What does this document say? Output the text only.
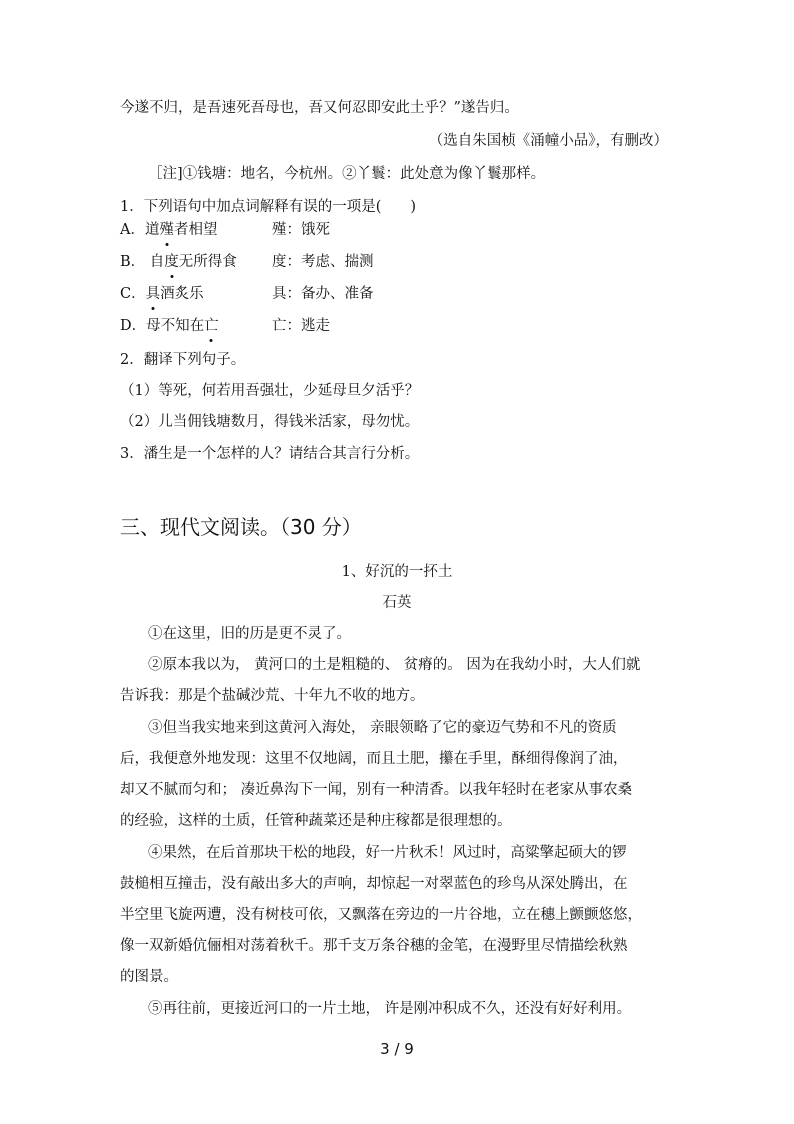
今遂不归，是吾速死吾母也，吾又何忍即安此土乎？”遂告归。
（选自朱国桢《涌幢小品》，有删改）
［注]①钱塘：地名，今杭州。②丫鬟：此处意为像丫鬟那样。
1．下列语句中加点词解释有误的一项是(　　)
A．道殣者相望	殣：饿死
B． 自度无所得食	度：考虑、揣测
C．具酒炙乐	具：备办、准备
D．母不知在亡	亡：逃走
2．翻译下列句子。
（1）等死，何若用吾强壮，少延母旦夕活乎？
（2）儿当佣钱塘数月，得钱米活家，母勿忧。
3．潘生是一个怎样的人？请结合其言行分析。
三、现代文阅读。（30 分）
1、好沉的一抔土
石英
①在这里，旧的历是更不灵了。
②原本我以为， 黄河口的土是粗糙的、 贫瘠的。 因为在我幼小时，大人们就
告诉我：那是个盐碱沙荒、十年九不收的地方。
③但当我实地来到这黄河入海处， 亲眼领略了它的豪迈气势和不凡的资质
后，我便意外地发现：这里不仅地阔，而且土肥，攥在手里，酥细得像润了油，
却又不腻而匀和； 凑近鼻沟下一闻，别有一种清香。以我年轻时在老家从事农桑
的经验，这样的土质，任管种蔬菜还是种庄稼都是很理想的。
④果然，在后首那块干松的地段，好一片秋禾！风过时，高粱擎起硕大的锣
鼓槌相互撞击，没有敲出多大的声响，却惊起一对翠蓝色的珍鸟从深处腾出，在
半空里飞旋两遭，没有树枝可依，又飘落在旁边的一片谷地，立在穗上颤颤悠悠，
像一双新婚伉俪相对荡着秋千。那千支万条谷穗的金笔，在漫野里尽情描绘秋熟
的图景。
⑤再往前，更接近河口的一片土地， 许是刚冲积成不久，还没有好好利用。
3 / 9
